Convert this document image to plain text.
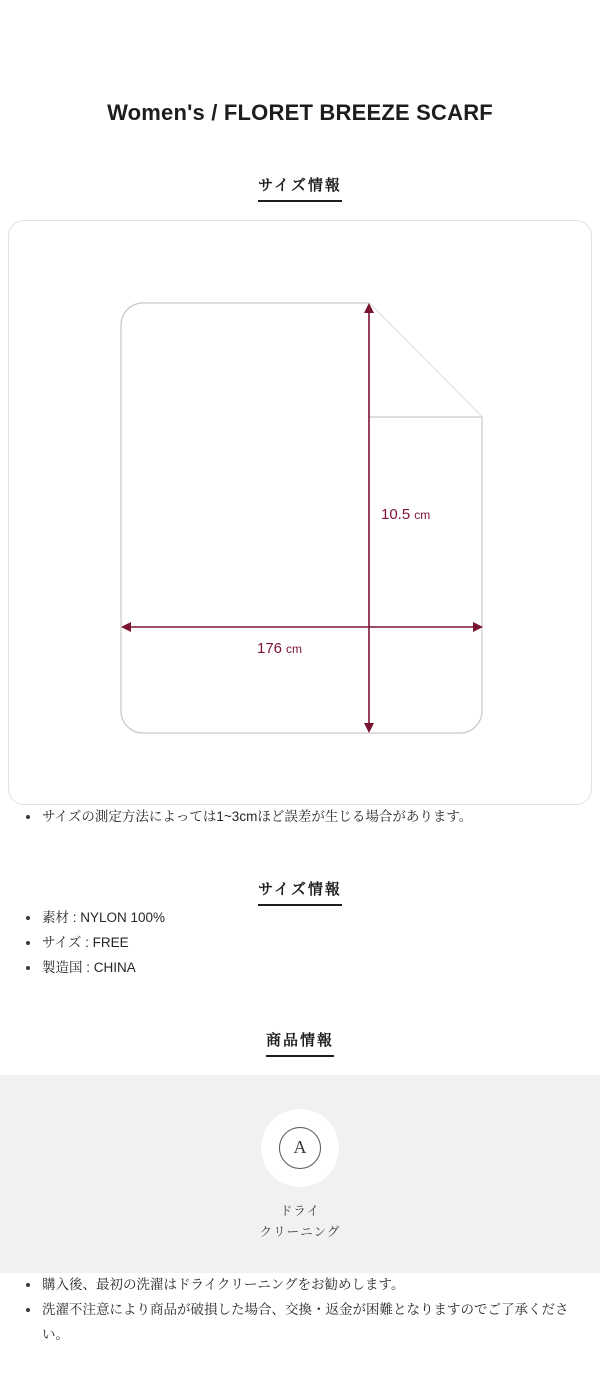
Women's / FLORET BREEZE SCARF
サイズ情報
10.5 cm
176 cm
サイズの測定方法によっては1~3cmほど誤差が生じる場合があります。
サイズ情報
素材 : NYLON 100%
サイズ : FREE
製造国 : CHINA
商品情報
A
ドライ
クリーニング
購入後、最初の洗濯はドライクリーニングをお勧めします。
洗濯不注意により商品が破損した場合、交換・返金が困難となりますのでご了承ください。
